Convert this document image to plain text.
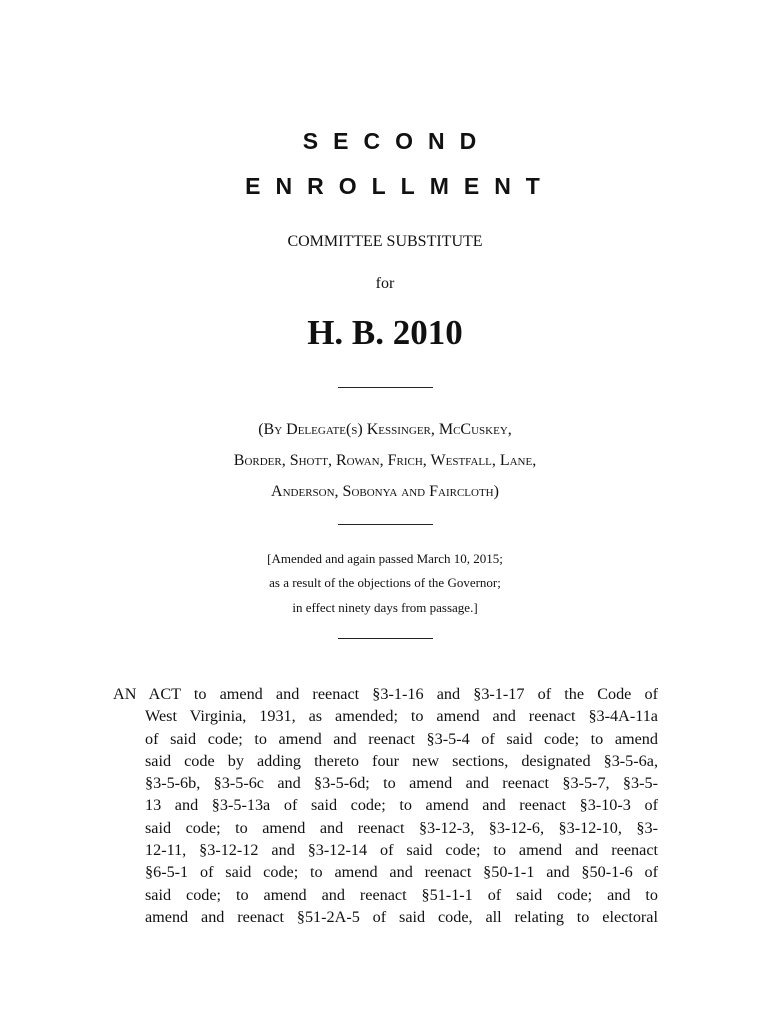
SECOND
ENROLLMENT
COMMITTEE SUBSTITUTE
for
H. B. 2010
(By Delegate(s) Kessinger, McCuskey,
Border, Shott, Rowan, Frich, Westfall, Lane,
Anderson, Sobonya and Faircloth)
[Amended and again passed March 10, 2015;
as a result of the objections of the Governor;
in effect ninety days from passage.]
AN ACT to amend and reenact §3-1-16 and §3-1-17 of the Code of
West Virginia, 1931, as amended; to amend and reenact §3-4A-11a
of said code; to amend and reenact §3-5-4 of said code; to amend
said code by adding thereto four new sections, designated §3-5-6a,
§3-5-6b, §3-5-6c and §3-5-6d; to amend and reenact §3-5-7, §3-5-
13 and §3-5-13a of said code; to amend and reenact §3-10-3 of
said code; to amend and reenact §3-12-3, §3-12-6, §3-12-10, §3-
12-11, §3-12-12 and §3-12-14 of said code; to amend and reenact
§6-5-1 of said code; to amend and reenact §50-1-1 and §50-1-6 of
said code; to amend and reenact §51-1-1 of said code; and to
amend and reenact §51-2A-5 of said code, all relating to electoral
